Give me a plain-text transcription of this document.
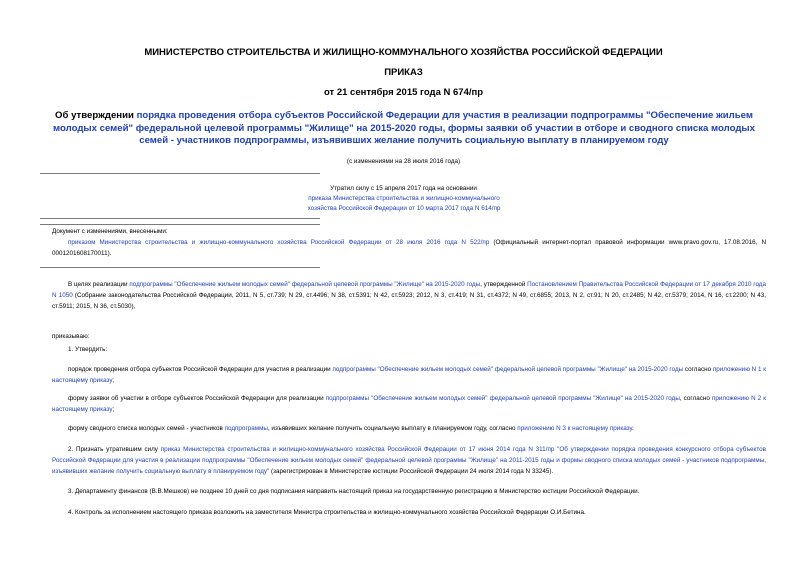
МИНИСТЕРСТВО СТРОИТЕЛЬСТВА И ЖИЛИЩНО-КОММУНАЛЬНОГО ХОЗЯЙСТВА РОССИЙСКОЙ ФЕДЕРАЦИИ
ПРИКАЗ
от 21 сентября 2015 года N 674/пр
Об утверждении порядка проведения отбора субъектов Российской Федерации для участия в реализации подпрограммы "Обеспечение жильем молодых семей" федеральной целевой программы "Жилище" на 2015-2020 годы, формы заявки об участии в отборе и сводного списка молодых семей - участников подпрограммы, изъявивших желание получить социальную выплату в планируемом году
(с изменениями на 28 июля 2016 года)
Утратил силу с 15 апреля 2017 года на основании
приказа Министерства строительства и жилищно-коммунального хозяйства Российской Федерации от 10 марта 2017 года N 614/пр
Документ с изменениями, внесенными:
приказом Министерства строительства и жилищно-коммунального хозяйства Российской Федерации от 28 июля 2016 года N 522/пр (Официальный интернет-портал правовой информации www.pravo.gov.ru, 17.08.2016, N 0001201608170011).
В целях реализации подпрограммы "Обеспечение жильем молодых семей" федеральной целевой программы "Жилище" на 2015-2020 годы, утвержденной Постановлением Правительства Российской Федерации от 17 декабря 2010 года N 1050 (Собрание законодательства Российской Федерации, 2011, N 5, ст.739; N 29, ст.4496; N 38, ст.5391; N 42, ст.5923; 2012, N 3, ст.419; N 31, ст.4372; N 49, ст.6855; 2013, N 2, ст.91; N 20, ст.2485; N 42, ст.5379; 2014, N 16, ст.2200; N 43, ст.5911; 2015, N 36, ст.5030),
приказываю:
1. Утвердить:
порядок проведения отбора субъектов Российской Федерации для участия в реализации подпрограммы "Обеспечение жильем молодых семей" федеральной целевой программы "Жилище" на 2015-2020 годы согласно приложению N 1 к настоящему приказу;
форму заявки об участии в отборе субъектов Российской Федерации для реализации подпрограммы "Обеспечение жильем молодых семей" федеральной целевой программы "Жилище" на 2015-2020 годы, согласно приложению N 2 к настоящему приказу;
форму сводного списка молодых семей - участников подпрограммы, изъявивших желание получить социальную выплату в планируемом году, согласно приложению N 3 к настоящему приказу.
2. Признать утратившим силу приказ Министерства строительства и жилищно-коммунального хозяйства Российской Федерации от 17 июня 2014 года N 311/пр "Об утверждении порядка проведения конкурсного отбора субъектов Российской Федерации для участия в реализации подпрограммы "Обеспечение жильем молодых семей" федеральной целевой программы "Жилище" на 2011-2015 годы и формы сводного списка молодых семей - участников подпрограммы, изъявивших желание получить социальную выплату в планируемом году" (зарегистрирован в Министерстве юстиции Российской Федерации 24 июля 2014 года N 33245).
3. Департаменту финансов (В.В.Мешков) не позднее 10 дней со дня подписания направить настоящий приказ на государственную регистрацию в Министерство юстиции Российской Федерации.
4. Контроль за исполнением настоящего приказа возложить на заместителя Министра строительства и жилищно-коммунального хозяйства Российской Федерации О.И.Бетина.
